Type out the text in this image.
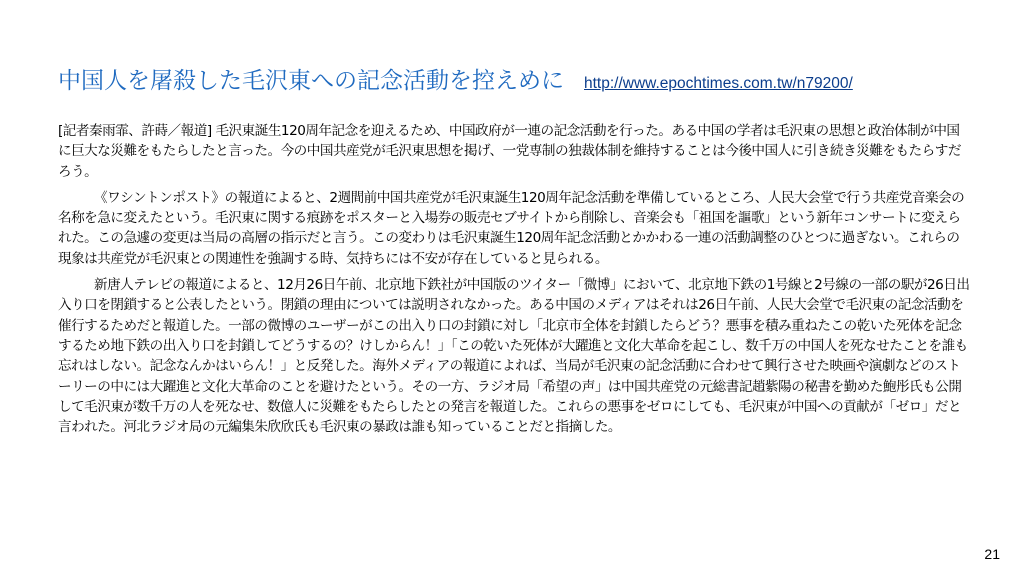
中国人を屠殺した毛沢東への記念活動を控えめに http://www.epochtimes.com.tw/n79200/

[記者秦雨霏、許蒔／報道] 毛沢東誕生120周年記念を迎えるため、中国政府が一連の記念活動を行った。ある中国の学者は毛沢東の思想と政治体制が中国に巨大な災難をもたらしたと言った。今の中国共産党が毛沢東思想を掲げ、一党専制の独裁体制を維持することは今後中国人に引き続き災難をもたらすだろう。

《ワシントンポスト》の報道によると、2週間前中国共産党が毛沢東誕生120周年記念活動を準備しているところ、人民大会堂で行う共産党音楽会の名称を急に変えたという。毛沢東に関する痕跡をポスターと入場券の販売セブサイトから削除し、音楽会も「祖国を謳歌」という新年コンサートに変えられた。この急遽の変更は当局の高層の指示だと言う。この変わりは毛沢東誕生120周年記念活動とかかわる一連の活動調整のひとつに過ぎない。これらの現象は共産党が毛沢東との関連性を強調する時、気持ちには不安が存在していると見られる。

新唐人テレビの報道によると、12月26日午前、北京地下鉄社が中国版のツイター「微博」において、北京地下鉄の1号線と2号線の一部の駅が26日出入り口を閉鎖すると公表したという。閉鎖の理由については説明されなかった。ある中国のメディアはそれは26日午前、人民大会堂で毛沢東の記念活動を催行するためだと報道した。一部の微博のユーザーがこの出入り口の封鎖に対し「北京市全体を封鎖したらどう？悪事を積み重ねたこの乾いた死体を記念するため地下鉄の出入り口を封鎖してどうするの？けしからん！」「この乾いた死体が大躍進と文化大革命を起こし、数千万の中国人を死なせたことを誰も忘れはしない。記念なんかはいらん！」と反発した。海外メディアの報道によれば、当局が毛沢東の記念活動に合わせて興行させた映画や演劇などのストーリーの中には大躍進と文化大革命のことを避けたという。その一方、ラジオ局「希望の声」は中国共産党の元総書記趙紫陽の秘書を勤めた鮑彤氏も公開して毛沢東が数千万の人を死なせ、数億人に災難をもたらしたとの発言を報道した。これらの悪事をゼロにしても、毛沢東が中国への貢献が「ゼロ」だと言われた。河北ラジオ局の元編集朱欣欣氏も毛沢東の暴政は誰も知っていることだと指摘した。

21
